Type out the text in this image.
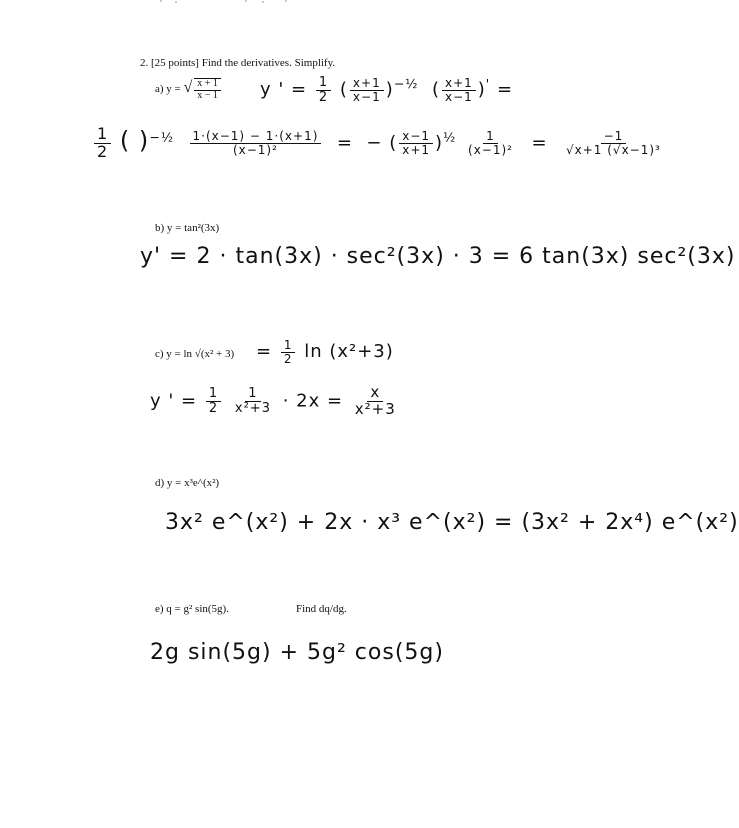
2. [25 points] Find the derivatives. Simplify.
a) y = √ $\frac{x + 1}{x - 1}$ y ' = $\frac{1}{2}$ ( $\frac{x+1}{x-1} )^{-\frac{1}{2}}$  ( $\frac{x+1}{x-1} )'$ =
$\frac{1}{2}$ ( )$^{-\frac{1}{2}} \frac{1\cdot(x-1) - 1\cdot(x+1)}{\text{(x−1)²}}$ = − ( $\frac{x-1}{x+1} )^{\frac{1}{2}} \frac{1}{\text{(x−1)²}} = \frac{-1}{\text{√x+1 (√x−1)³}}$
b) y = tan²(3x)
y' = 2 · tan(3x) · sec²(3x) · 3 = 6 tan(3x) sec²(3x)
c) $y = \ln √(x^2 + 3) = \frac{1}{2}$ ln (x²+3)
y ' = $\frac{1}{2}$
$\frac{1}{\text{x²+3}} \cdot 2x = \frac{x}{\text{x²+3}}$
d) y = x³e^(x²)
3x² e^(x²) + 2x · x³ e^(x²) = (3x² + 2x⁴) e^(x²)
e) q = g² sin(5g).	Find dq/dg.
2g sin(5g) + 5g² cos(5g)
